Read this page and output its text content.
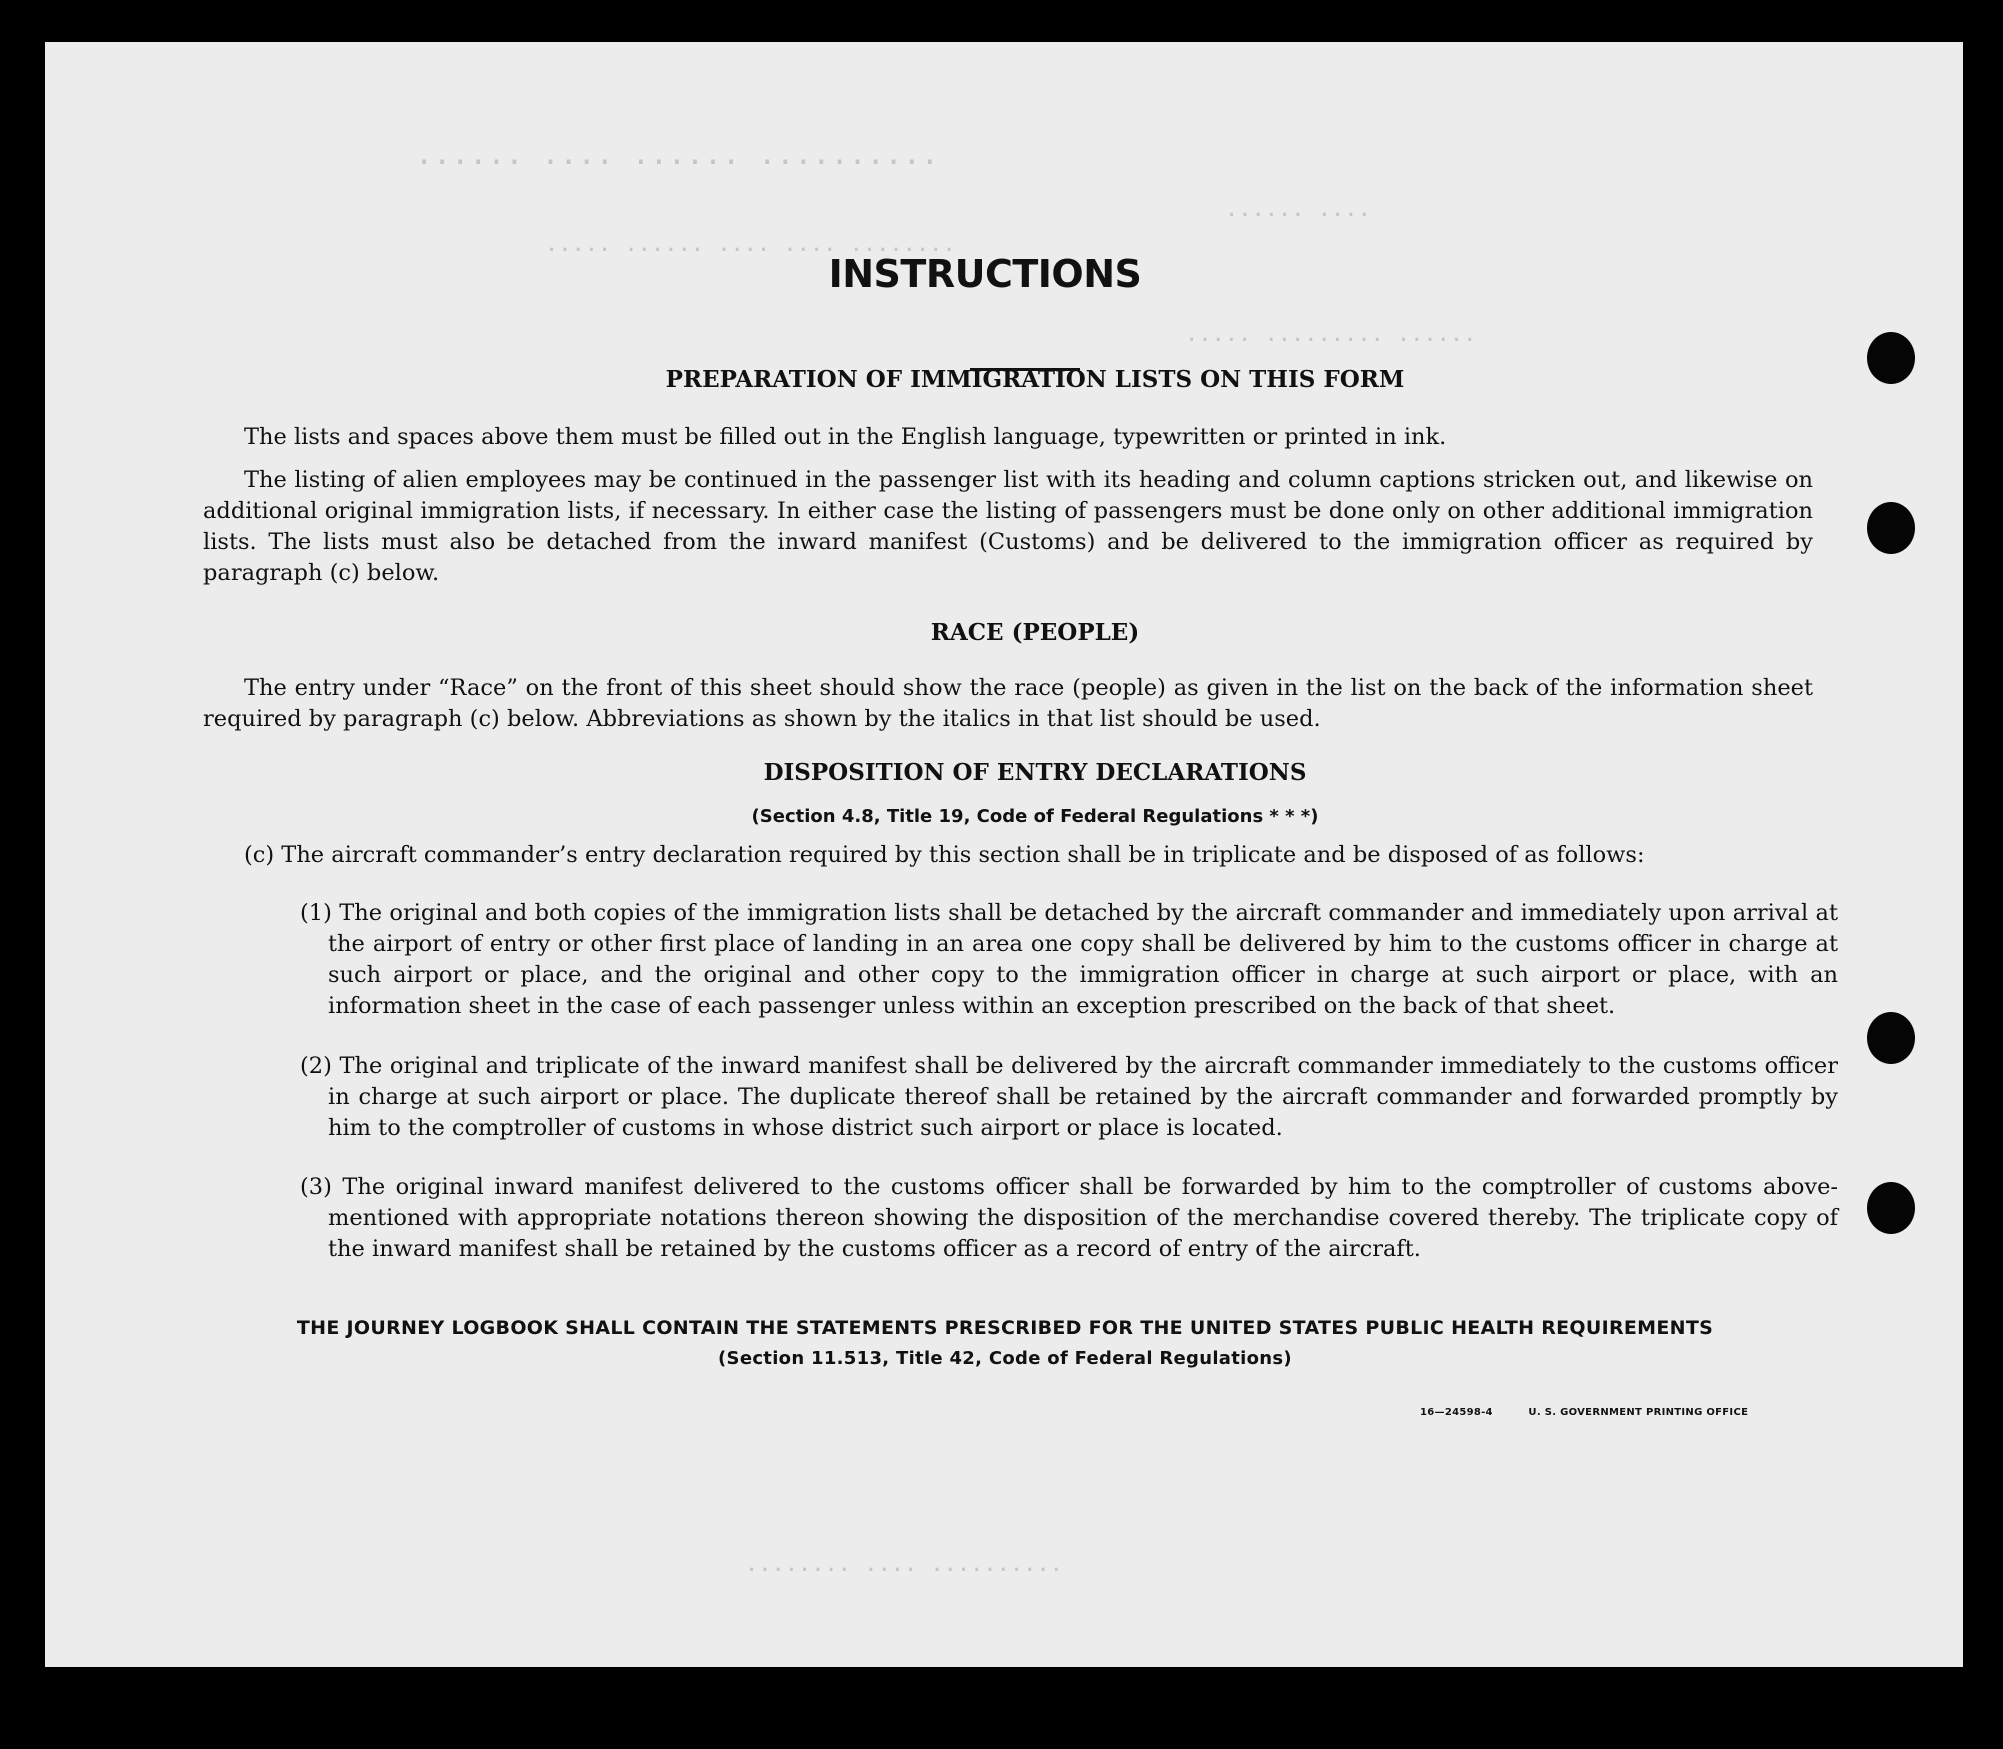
.......... ...... .... ......
.... ......
........ .... .... ...... .....
...... ......... .....
.......... .... ........
INSTRUCTIONS
PREPARATION OF IMMIGRATION LISTS ON THIS FORM
The lists and spaces above them must be filled out in the English language, typewritten or printed in ink.
The listing of alien employees may be continued in the passenger list with its heading and column captions stricken out, and likewise on additional original immigration lists, if necessary. In either case the listing of passengers must be done only on other additional immigration lists. The lists must also be detached from the inward manifest (Customs) and be delivered to the immigration officer as required by paragraph (c) below.
RACE (PEOPLE)
The entry under “Race” on the front of this sheet should show the race (people) as given in the list on the back of the information sheet required by paragraph (c) below. Abbreviations as shown by the italics in that list should be used.
DISPOSITION OF ENTRY DECLARATIONS
(Section 4.8, Title 19, Code of Federal Regulations * * *)
(c) The aircraft commander’s entry declaration required by this section shall be in triplicate and be disposed of as follows:
(1) The original and both copies of the immigration lists shall be detached by the aircraft commander and immediately upon arrival at the airport of entry or other first place of landing in an area one copy shall be delivered by him to the customs officer in charge at such airport or place, and the original and other copy to the immigration officer in charge at such airport or place, with an information sheet in the case of each passenger unless within an exception prescribed on the back of that sheet.
(2) The original and triplicate of the inward manifest shall be delivered by the aircraft commander immediately to the customs officer in charge at such airport or place. The duplicate thereof shall be retained by the aircraft commander and forwarded promptly by him to the comptroller of customs in whose district such airport or place is located.
(3) The original inward manifest delivered to the customs officer shall be forwarded by him to the comptroller of customs above-mentioned with appropriate notations thereon showing the disposition of the merchandise covered thereby. The triplicate copy of the inward manifest shall be retained by the customs officer as a record of entry of the aircraft.
THE JOURNEY LOGBOOK SHALL CONTAIN THE STATEMENTS PRESCRIBED FOR THE UNITED STATES PUBLIC HEALTH REQUIREMENTS
(Section 11.513, Title 42, Code of Federal Regulations)
16—24598-4	U. S. GOVERNMENT PRINTING OFFICE
